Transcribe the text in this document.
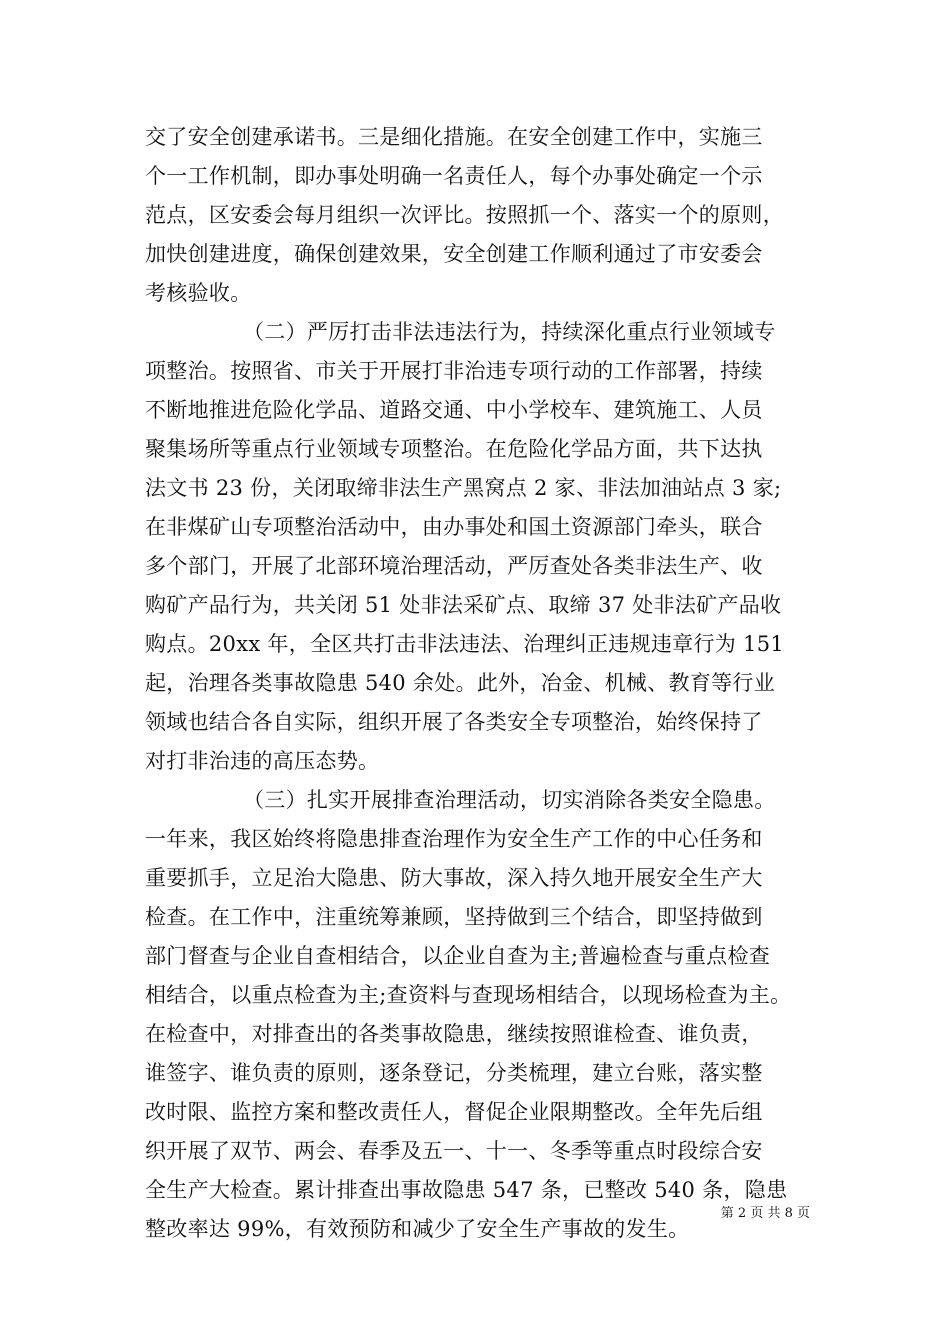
交了安全创建承诺书。三是细化措施。在安全创建工作中，实施三
个一工作机制，即办事处明确一名责任人，每个办事处确定一个示
范点，区安委会每月组织一次评比。按照抓一个、落实一个的原则，
加快创建进度，确保创建效果，安全创建工作顺利通过了市安委会
考核验收。
（二）严厉打击非法违法行为，持续深化重点行业领域专
项整治。按照省、市关于开展打非治违专项行动的工作部署，持续
不断地推进危险化学品、道路交通、中小学校车、建筑施工、人员
聚集场所等重点行业领域专项整治。在危险化学品方面，共下达执
法文书 23 份，关闭取缔非法生产黑窝点 2 家、非法加油站点 3 家;
在非煤矿山专项整治活动中，由办事处和国土资源部门牵头，联合
多个部门，开展了北部环境治理活动，严厉查处各类非法生产、收
购矿产品行为，共关闭 51 处非法采矿点、取缔 37 处非法矿产品收
购点。20xx 年，全区共打击非法违法、治理纠正违规违章行为 151
起，治理各类事故隐患 540 余处。此外，冶金、机械、教育等行业
领域也结合各自实际，组织开展了各类安全专项整治，始终保持了
对打非治违的高压态势。
（三）扎实开展排查治理活动，切实消除各类安全隐患。
一年来，我区始终将隐患排查治理作为安全生产工作的中心任务和
重要抓手，立足治大隐患、防大事故，深入持久地开展安全生产大
检查。在工作中，注重统筹兼顾，坚持做到三个结合，即坚持做到
部门督查与企业自查相结合，以企业自查为主;普遍检查与重点检查
相结合，以重点检查为主;查资料与查现场相结合，以现场检查为主。
在检查中，对排查出的各类事故隐患，继续按照谁检查、谁负责，
谁签字、谁负责的原则，逐条登记，分类梳理，建立台账，落实整
改时限、监控方案和整改责任人，督促企业限期整改。全年先后组
织开展了双节、两会、春季及五一、十一、冬季等重点时段综合安
全生产大检查。累计排查出事故隐患 547 条，已整改 540 条，隐患
整改率达 99%，有效预防和减少了安全生产事故的发生。
第 2 页 共 8 页
